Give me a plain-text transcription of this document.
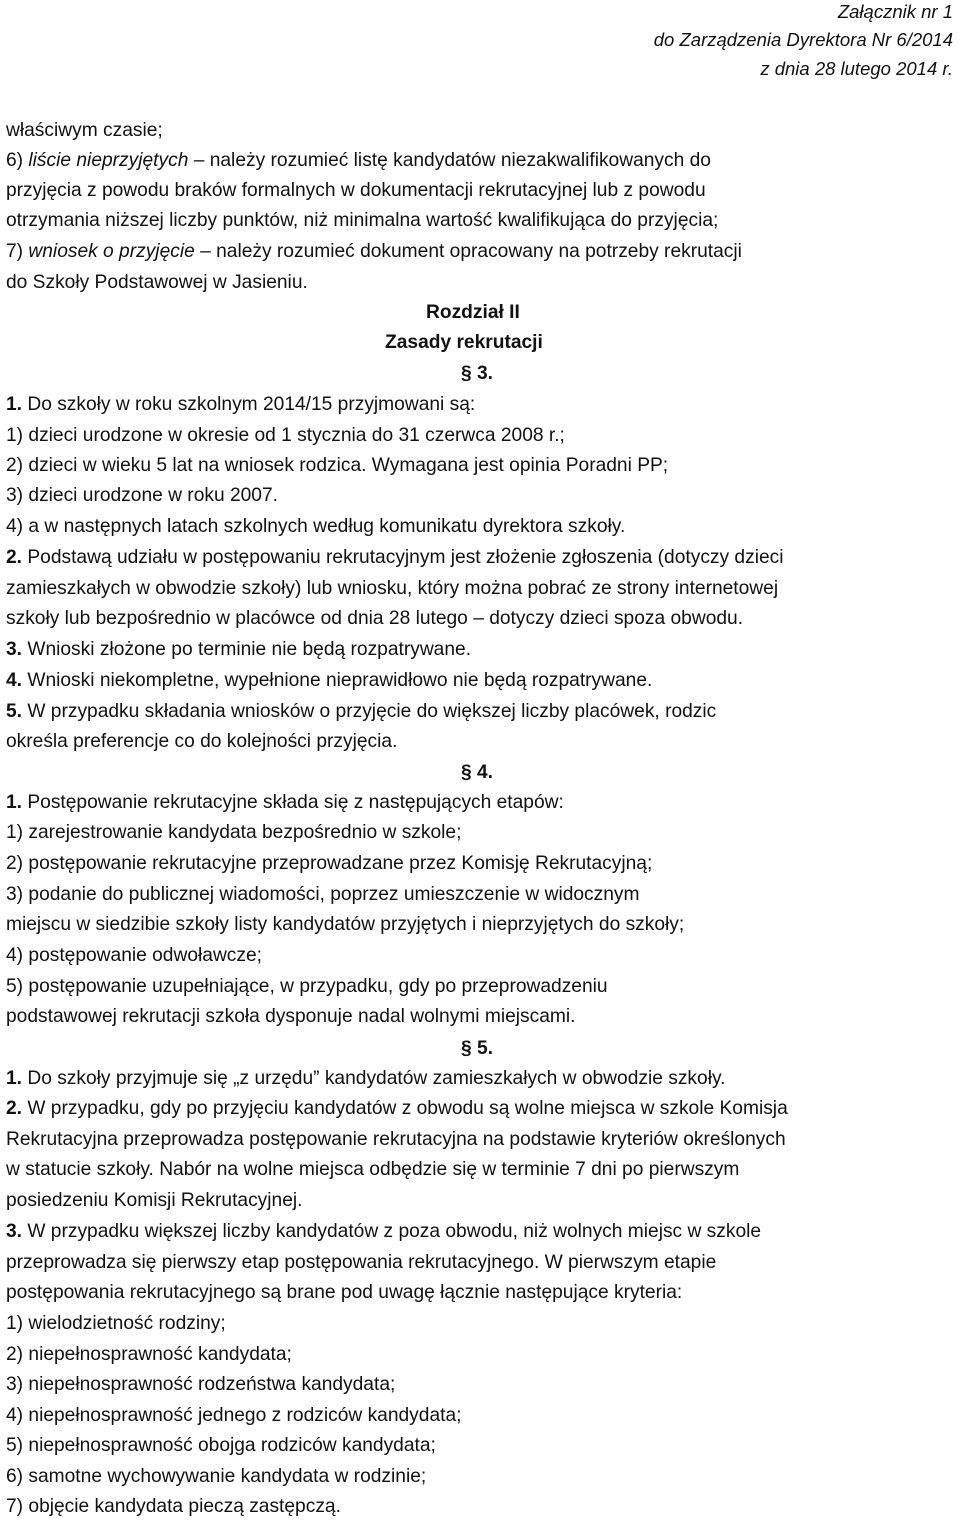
Załącznik nr 1
do Zarządzenia Dyrektora Nr 6/2014
z dnia 28 lutego 2014 r.
właściwym czasie;
6) liście nieprzyjętych – należy rozumieć listę kandydatów niezakwalifikowanych do
przyjęcia z powodu braków formalnych w dokumentacji rekrutacyjnej lub z powodu
otrzymania niższej liczby punktów, niż minimalna wartość kwalifikująca do przyjęcia;
7) wniosek o przyjęcie – należy rozumieć dokument opracowany na potrzeby rekrutacji
do Szkoły Podstawowej w Jasieniu.
Rozdział II
Zasady rekrutacji
§ 3.
1. Do szkoły w roku szkolnym 2014/15 przyjmowani są:
1) dzieci urodzone w okresie od 1 stycznia do 31 czerwca 2008 r.;
2) dzieci w wieku 5 lat na wniosek rodzica. Wymagana jest opinia Poradni PP;
3) dzieci urodzone w roku 2007.
4) a w następnych latach szkolnych według komunikatu dyrektora szkoły.
2. Podstawą udziału w postępowaniu rekrutacyjnym jest złożenie zgłoszenia (dotyczy dzieci
zamieszkałych w obwodzie szkoły) lub wniosku, który można pobrać ze strony internetowej
szkoły lub bezpośrednio w placówce od dnia 28 lutego – dotyczy dzieci spoza obwodu.
3. Wnioski złożone po terminie nie będą rozpatrywane.
4. Wnioski niekompletne, wypełnione nieprawidłowo nie będą rozpatrywane.
5. W przypadku składania wniosków o przyjęcie do większej liczby placówek, rodzic
określa preferencje co do kolejności przyjęcia.
§ 4.
1. Postępowanie rekrutacyjne składa się z następujących etapów:
1) zarejestrowanie kandydata bezpośrednio w szkole;
2) postępowanie rekrutacyjne przeprowadzane przez Komisję Rekrutacyjną;
3) podanie do publicznej wiadomości, poprzez umieszczenie w widocznym
miejscu w siedzibie szkoły listy kandydatów przyjętych i nieprzyjętych do szkoły;
4) postępowanie odwoławcze;
5) postępowanie uzupełniające, w przypadku, gdy po przeprowadzeniu
podstawowej rekrutacji szkoła dysponuje nadal wolnymi miejscami.
§ 5.
1. Do szkoły przyjmuje się „z urzędu” kandydatów zamieszkałych w obwodzie szkoły.
2. W przypadku, gdy po przyjęciu kandydatów z obwodu są wolne miejsca w szkole Komisja
Rekrutacyjna przeprowadza postępowanie rekrutacyjna na podstawie kryteriów określonych
w statucie szkoły. Nabór na wolne miejsca odbędzie się w terminie 7 dni po pierwszym
posiedzeniu Komisji Rekrutacyjnej.
3. W przypadku większej liczby kandydatów z poza obwodu, niż wolnych miejsc w szkole
przeprowadza się pierwszy etap postępowania rekrutacyjnego. W pierwszym etapie
postępowania rekrutacyjnego są brane pod uwagę łącznie następujące kryteria:
1) wielodzietność rodziny;
2) niepełnosprawność kandydata;
3) niepełnosprawność rodzeństwa kandydata;
4) niepełnosprawność jednego z rodziców kandydata;
5) niepełnosprawność obojga rodziców kandydata;
6) samotne wychowywanie kandydata w rodzinie;
7) objęcie kandydata pieczą zastępczą.
